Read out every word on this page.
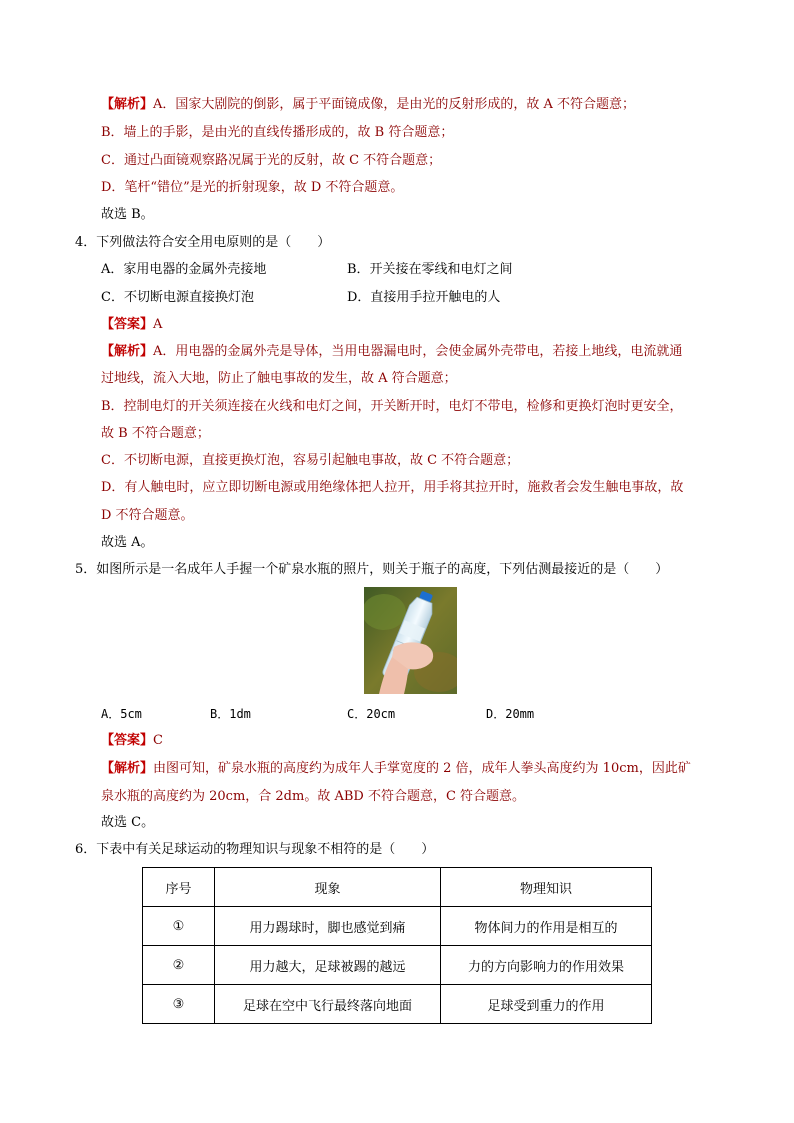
【解析】A．国家大剧院的倒影，属于平面镜成像，是由光的反射形成的，故 A 不符合题意；
B．墙上的手影，是由光的直线传播形成的，故 B 符合题意；
C．通过凸面镜观察路况属于光的反射，故 C 不符合题意；
D．笔杆“错位”是光的折射现象，故 D 不符合题意。
故选 B。
4．下列做法符合安全用电原则的是（　　）
A．家用电器的金属外壳接地	B．开关接在零线和电灯之间
C．不切断电源直接换灯泡	D．直接用手拉开触电的人
【答案】A
【解析】A．用电器的金属外壳是导体，当用电器漏电时，会使金属外壳带电，若接上地线，电流就通
过地线，流入大地，防止了触电事故的发生，故 A 符合题意；
B．控制电灯的开关须连接在火线和电灯之间，开关断开时，电灯不带电，检修和更换灯泡时更安全，
故 B 不符合题意；
C．不切断电源，直接更换灯泡，容易引起触电事故，故 C 不符合题意；
D．有人触电时，应立即切断电源或用绝缘体把人拉开，用手将其拉开时，施救者会发生触电事故，故
D 不符合题意。
故选 A。
5．如图所示是一名成年人手握一个矿泉水瓶的照片，则关于瓶子的高度，下列估测最接近的是（　　）
A．5cm	B．1dm	C．20cm	D．20mm
【答案】C
【解析】由图可知，矿泉水瓶的高度约为成年人手掌宽度的 2 倍，成年人拳头高度约为 10cm，因此矿
泉水瓶的高度约为 20cm，合 2dm。故 ABD 不符合题意，C 符合题意。
故选 C。
6．下表中有关足球运动的物理知识与现象不相符的是（　　）
序号	现象	物理知识
①	用力踢球时，脚也感觉到痛	物体间力的作用是相互的
②	用力越大，足球被踢的越远	力的方向影响力的作用效果
③	足球在空中飞行最终落向地面	足球受到重力的作用
